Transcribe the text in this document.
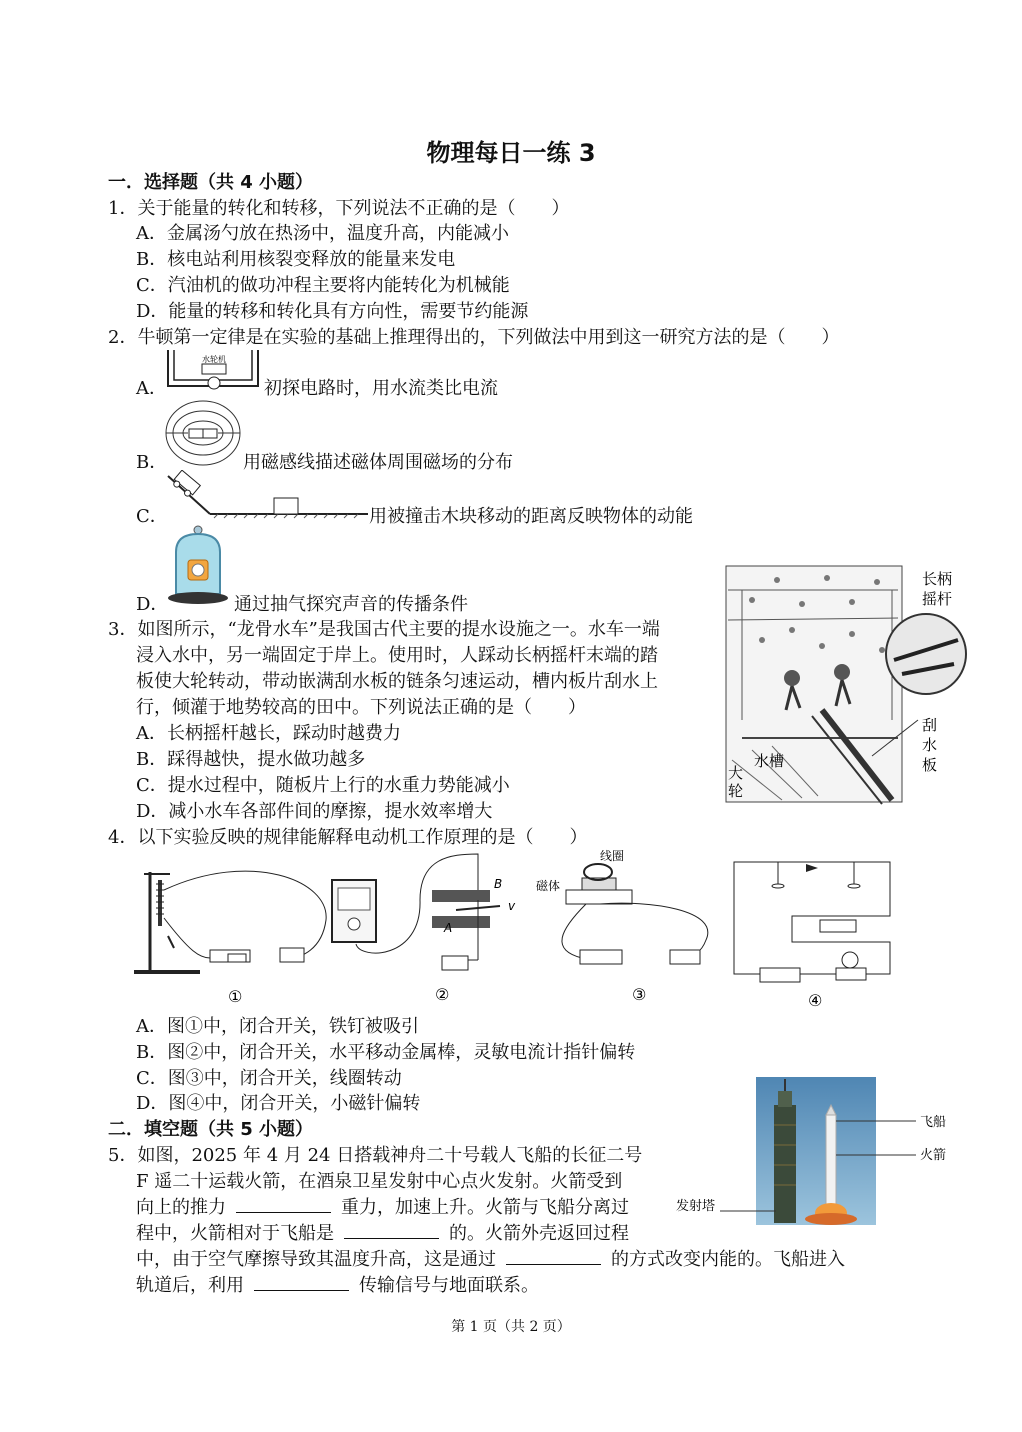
物理每日一练 3
一．选择题（共 4 小题）
1．关于能量的转化和转移，下列说法不正确的是（　　）
A．金属汤勺放在热汤中，温度升高，内能减小
B．核电站利用核裂变释放的能量来发电
C．汽油机的做功冲程主要将内能转化为机械能
D．能量的转移和转化具有方向性，需要节约能源
2．牛顿第一定律是在实验的基础上推理得出的，下列做法中用到这一研究方法的是（　　）
A．
水轮机
初探电路时，用水流类比电流
B．	用磁感线描述磁体周围磁场的分布
C．	用被撞击木块移动的距离反映物体的动能
D．	通过抽气探究声音的传播条件
3．如图所示，“龙骨水车”是我国古代主要的提水设施之一。水车一端
浸入水中，另一端固定于岸上。使用时，人踩动长柄摇杆末端的踏
板使大轮转动，带动嵌满刮水板的链条匀速运动，槽内板片刮水上
行，倾灌于地势较高的田中。下列说法正确的是（　　）
A．长柄摇杆越长，踩动时越费力
B．踩得越快，提水做功越多
C．提水过程中，随板片上行的水重力势能减小
D．减小水车各部件间的摩擦，提水效率增大
长柄
摇杆
刮
水
板
大
轮
水槽
4．以下实验反映的规律能解释电动机工作原理的是（　　）
①
B
A
v
②
线圈
磁体
③	④
A．图①中，闭合开关，铁钉被吸引
B．图②中，闭合开关，水平移动金属棒，灵敏电流计指针偏转
C．图③中，闭合开关，线圈转动
D．图④中，闭合开关，小磁针偏转
二．填空题（共 5 小题）
5．如图，2025 年 4 月 24 日搭载神舟二十号载人飞船的长征二号
F 遥二十运载火箭，在酒泉卫星发射中心点火发射。火箭受到
向上的推力	重力，加速上升。火箭与飞船分离过
程中，火箭相对于飞船是	的。火箭外壳返回过程
中，由于空气摩擦导致其温度升高，这是通过	的方式改变内能的。飞船进入
轨道后，利用	传输信号与地面联系。
飞船
火箭
发射塔
第 1 页（共 2 页）
